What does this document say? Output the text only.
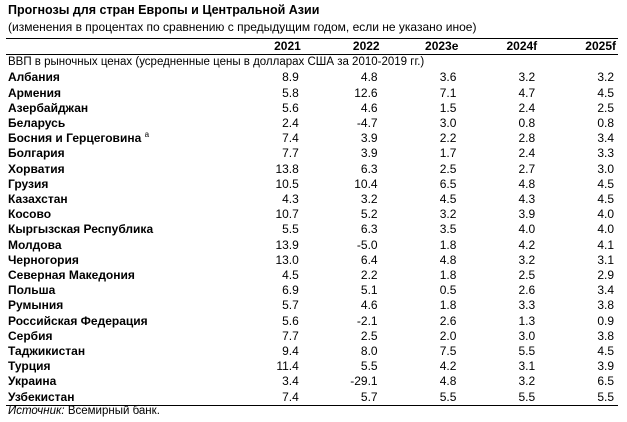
Прогнозы для стран Европы и Центральной Азии
(изменения в процентах по сравнению с предыдущим годом, если не указано иное)
	2021	2022	2023e	2024f	2025f
ВВП в рыночных ценах (усредненные цены в долларах США за 2010-2019 гг.)					
Албания	8.9	4.8	3.6	3.2	3.2
Армения	5.8	12.6	7.1	4.7	4.5
Азербайджан	5.6	4.6	1.5	2.4	2.5
Беларусь	2.4	-4.7	3.0	0.8	0.8
Босния и Герцеговина $^a$	7.4	3.9	2.2	2.8	3.4
Болгария	7.7	3.9	1.7	2.4	3.3
Хорватия	13.8	6.3	2.5	2.7	3.0
Грузия	10.5	10.4	6.5	4.8	4.5
Казахстан	4.3	3.2	4.5	4.3	4.5
Косово	10.7	5.2	3.2	3.9	4.0
Кыргызская Республика	5.5	6.3	3.5	4.0	4.0
Молдова	13.9	-5.0	1.8	4.2	4.1
Черногория	13.0	6.4	4.8	3.2	3.1
Северная Македония	4.5	2.2	1.8	2.5	2.9
Польша	6.9	5.1	0.5	2.6	3.4
Румыния	5.7	4.6	1.8	3.3	3.8
Российская Федерация	5.6	-2.1	2.6	1.3	0.9
Сербия	7.7	2.5	2.0	3.0	3.8
Таджикистан	9.4	8.0	7.5	5.5	4.5
Турция	11.4	5.5	4.2	3.1	3.9
Украина	3.4	-29.1	4.8	3.2	6.5
Узбекистан	7.4	5.7	5.5	5.5	5.5
Источник: Всемирный банк.
